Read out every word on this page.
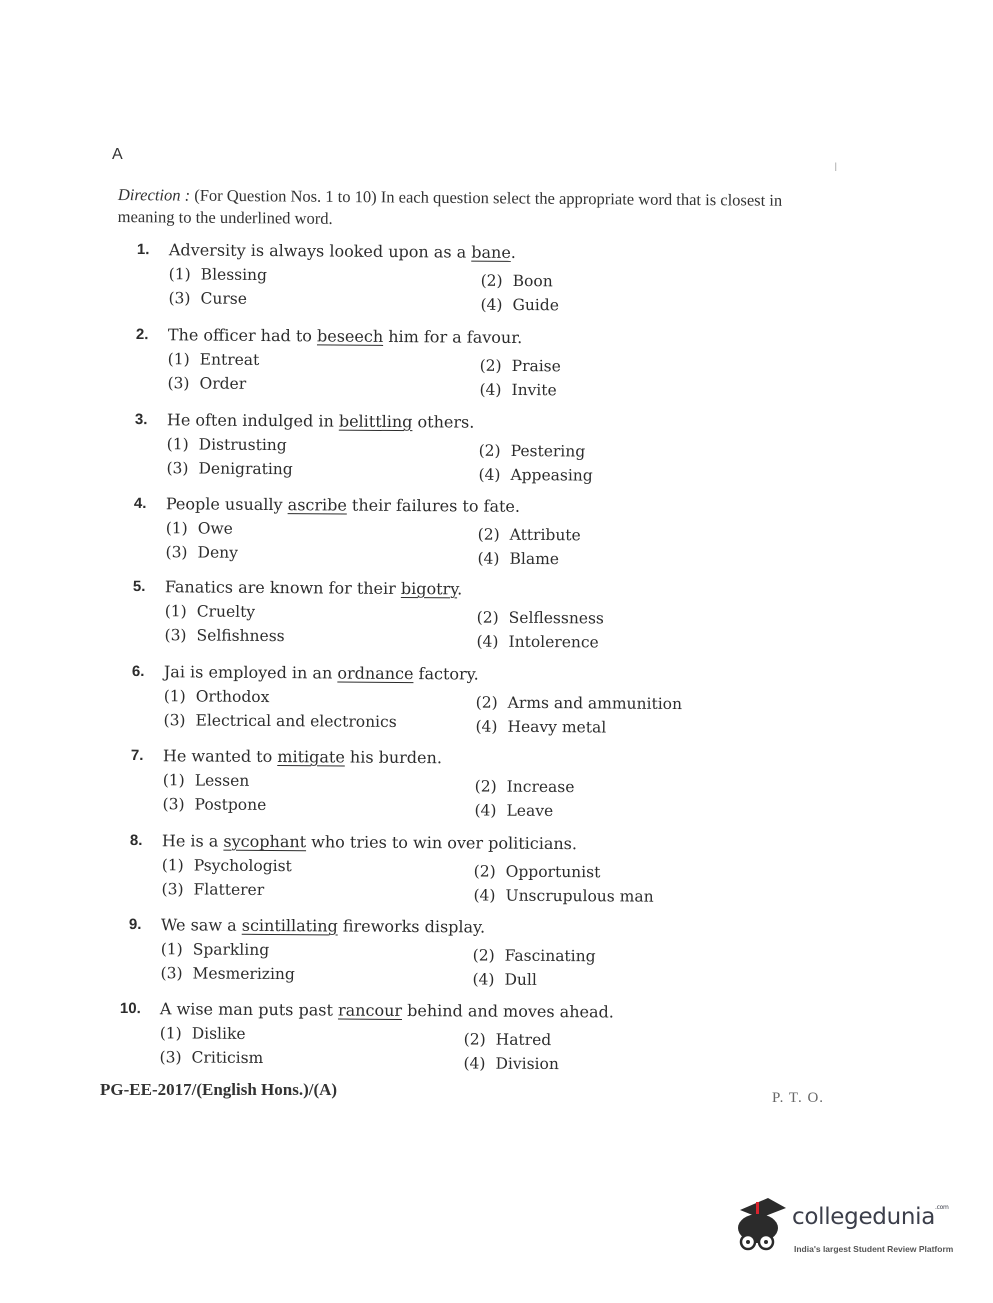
A
I
Direction : (For Question Nos. 1 to 10) In each question select the appropriate word that is closest in meaning to the underlined word.
1. Adversity is always looked upon as a bane.
(1) Blessing	(2) Boon
(3) Curse	(4) Guide
2. The officer had to beseech him for a favour.
(1) Entreat	(2) Praise
(3) Order	(4) Invite
3. He often indulged in belittling others.
(1) Distrusting	(2) Pestering
(3) Denigrating	(4) Appeasing
4. People usually ascribe their failures to fate.
(1) Owe	(2) Attribute
(3) Deny	(4) Blame
5. Fanatics are known for their bigotry.
(1) Cruelty	(2) Selflessness
(3) Selfishness	(4) Intolerence
6. Jai is employed in an ordnance factory.
(1) Orthodox	(2) Arms and ammunition
(3) Electrical and electronics	(4) Heavy metal
7. He wanted to mitigate his burden.
(1) Lessen	(2) Increase
(3) Postpone	(4) Leave
8. He is a sycophant who tries to win over politicians.
(1) Psychologist	(2) Opportunist
(3) Flatterer	(4) Unscrupulous man
9. We saw a scintillating fireworks display.
(1) Sparkling	(2) Fascinating
(3) Mesmerizing	(4) Dull
10. A wise man puts past rancour behind and moves ahead.
(1) Dislike	(2) Hatred
(3) Criticism	(4) Division
PG-EE-2017/(English Hons.)/(A)	P. T. O.
collegedunia$^{.com}$
India's largest Student Review Platform
